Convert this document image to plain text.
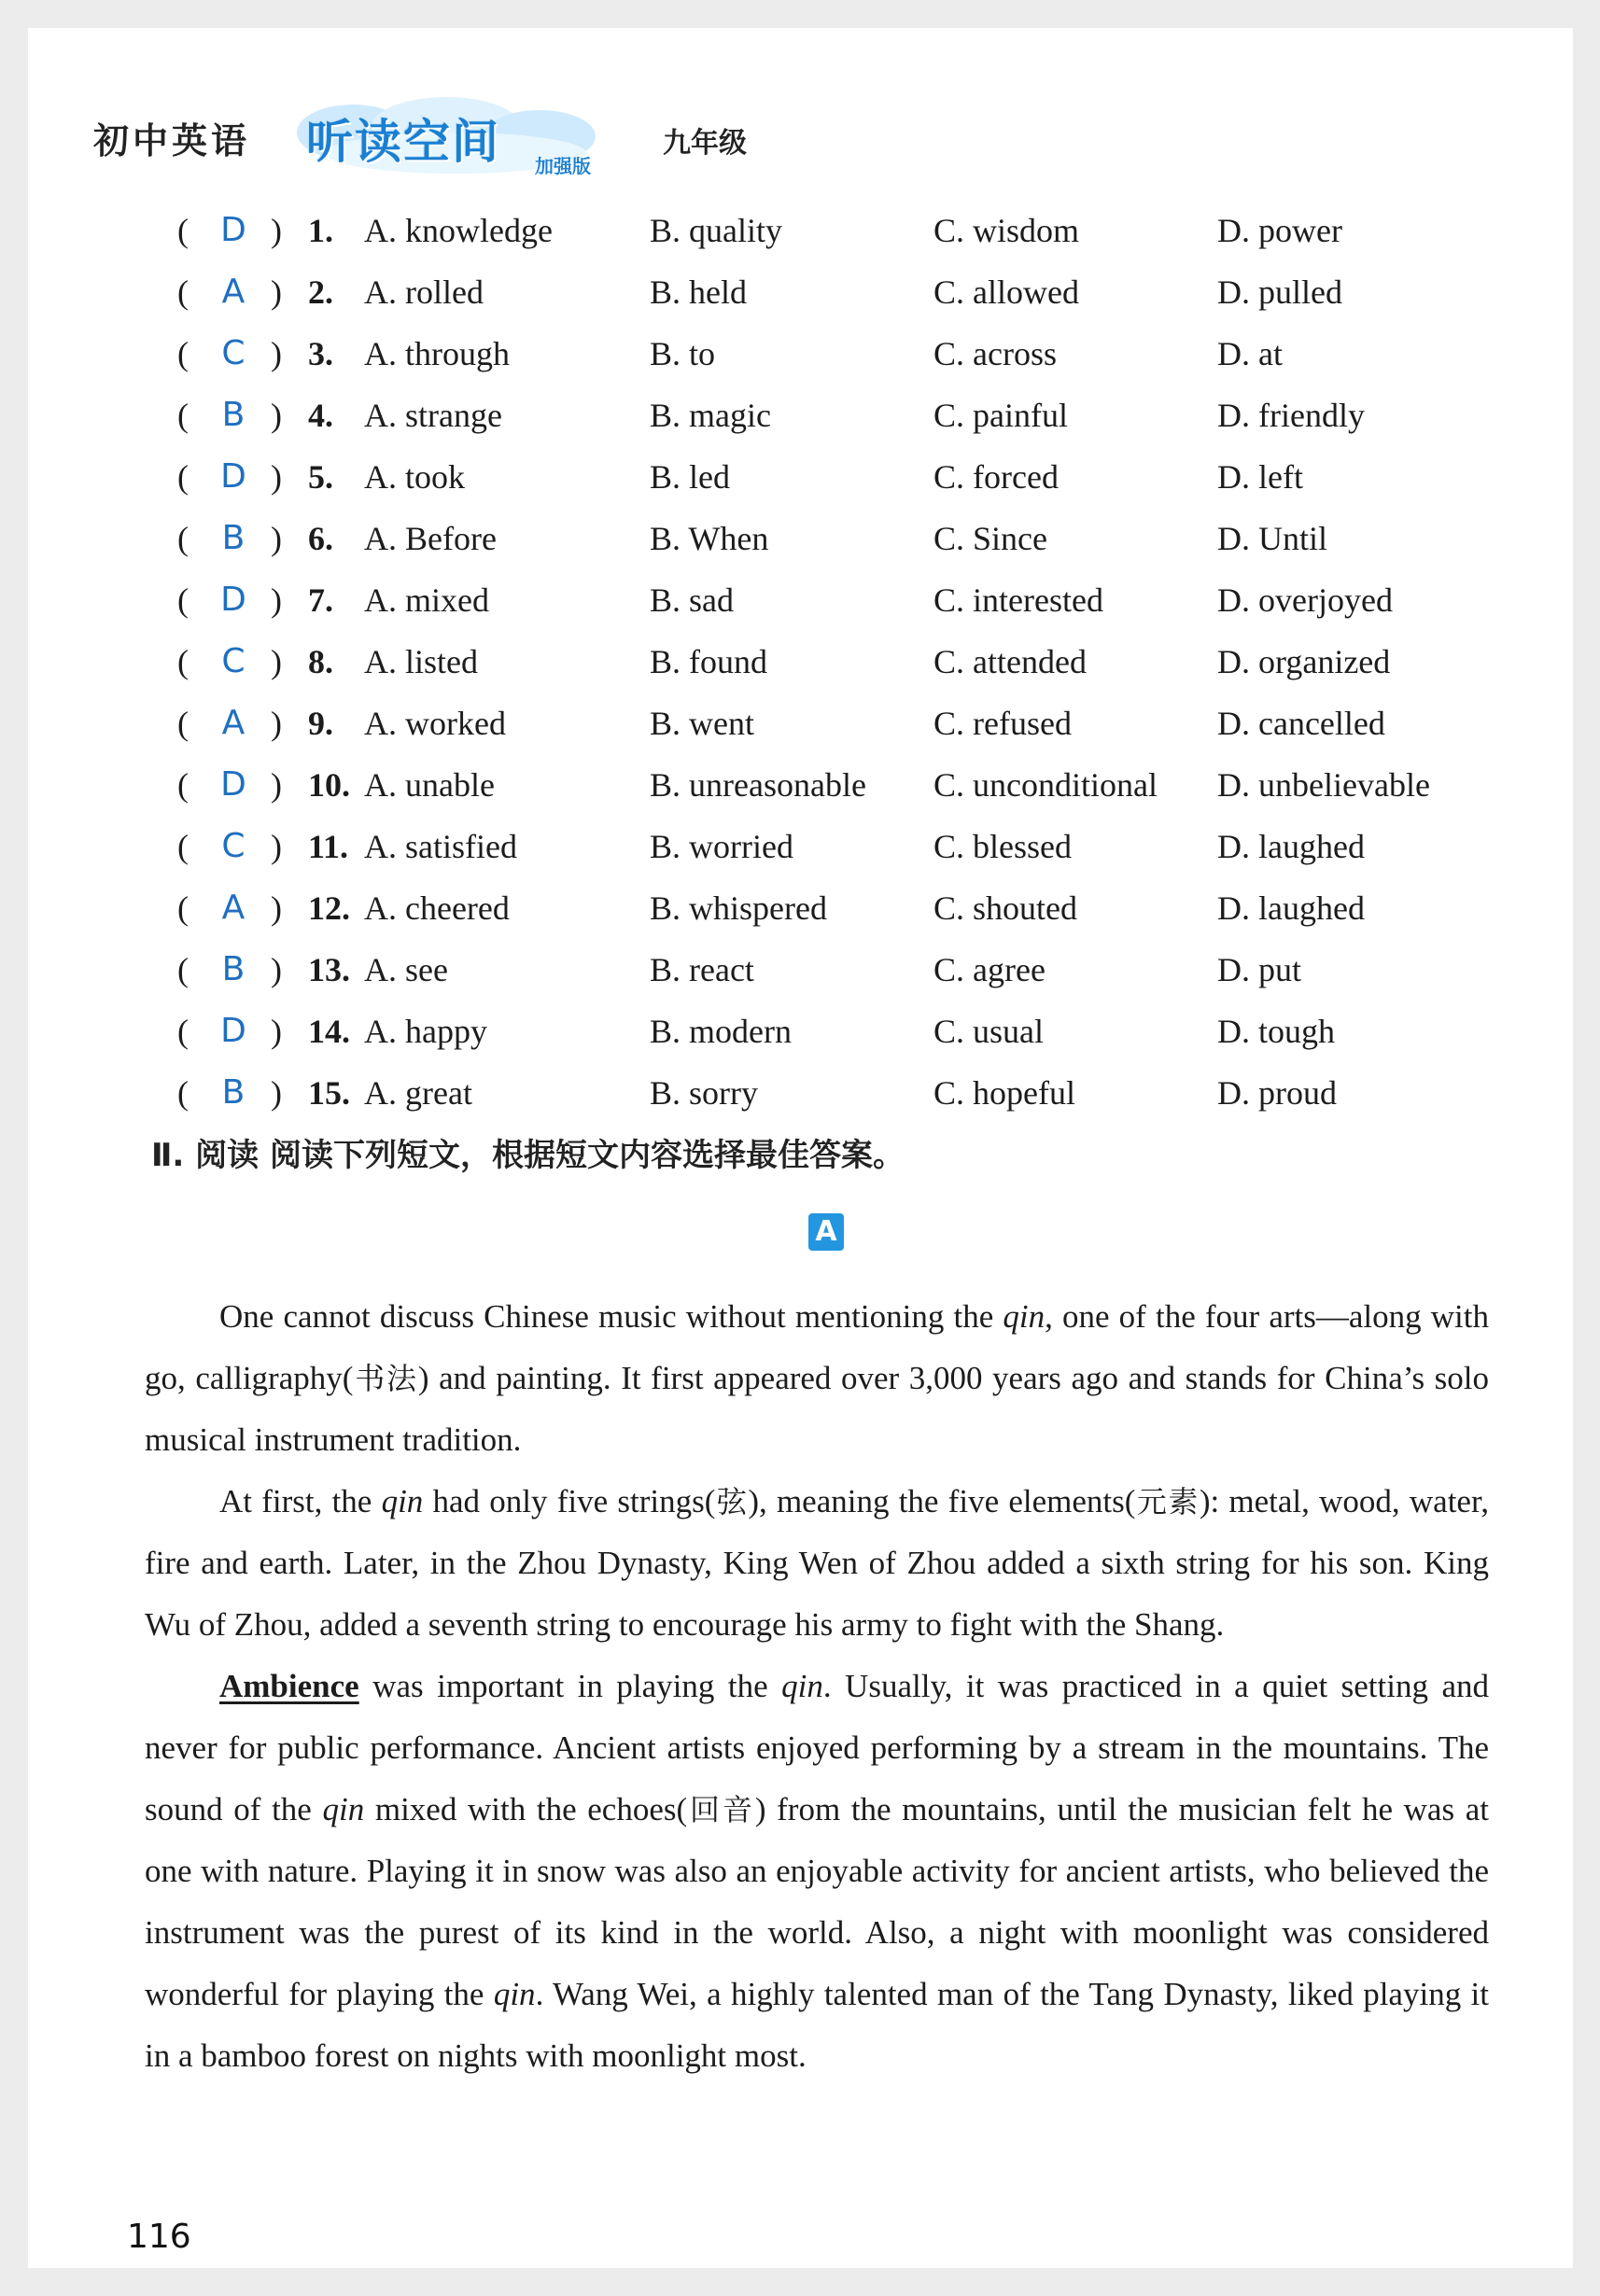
初中英语 听读空间 加强版
九年级
( D ) 1. A. knowledge	B. quality	C. wisdom	D. power
( A ) 2. A. rolled	B. held	C. allowed	D. pulled
( C ) 3. A. through	B. to	C. across	D. at
( B ) 4. A. strange	B. magic	C. painful	D. friendly
( D ) 5. A. took	B. led	C. forced	D. left
( B ) 6. A. Before	B. When	C. Since	D. Until
( D ) 7. A. mixed	B. sad	C. interested	D. overjoyed
( C ) 8. A. listed	B. found	C. attended	D. organized
( A ) 9. A. worked	B. went	C. refused	D. cancelled
( D ) 10. A. unable	B. unreasonable C. unconditional D. unbelievable
( C ) 11. A. satisfied	B. worried	C. blessed	D. laughed
( A ) 12. A. cheered	B. whispered	C. shouted	D. laughed
( B ) 13. A. see	B. react	C. agree	D. put
( D ) 14. A. happy	B. modern	C. usual	D. tough
( B ) 15. A. great	B. sorry	C. hopeful	D. proud
Ⅱ. 阅读 阅读下列短文，根据短文内容选择最佳答案。
A

One cannot discuss Chinese music without mentioning the qin, one of the four arts—along with go, calligraphy(书法) and painting. It first appeared over 3,000 years ago and stands for China’s solo musical instrument tradition.

At first, the qin had only five strings(弦), meaning the five elements(元素): metal, wood, water, fire and earth. Later, in the Zhou Dynasty, King Wen of Zhou added a sixth string for his son. King Wu of Zhou, added a seventh string to encourage his army to fight with the Shang.

Ambience was important in playing the qin. Usually, it was practiced in a quiet setting and never for public performance. Ancient artists enjoyed performing by a stream in the mountains. The sound of the qin mixed with the echoes(回音) from the mountains, until the musician felt he was at one with nature. Playing it in snow was also an enjoyable activity for ancient artists, who believed the instrument was the purest of its kind in the world. Also, a night with moonlight was considered wonderful for playing the qin. Wang Wei, a highly talented man of the Tang Dynasty, liked playing it in a bamboo forest on nights with moonlight most.

116
